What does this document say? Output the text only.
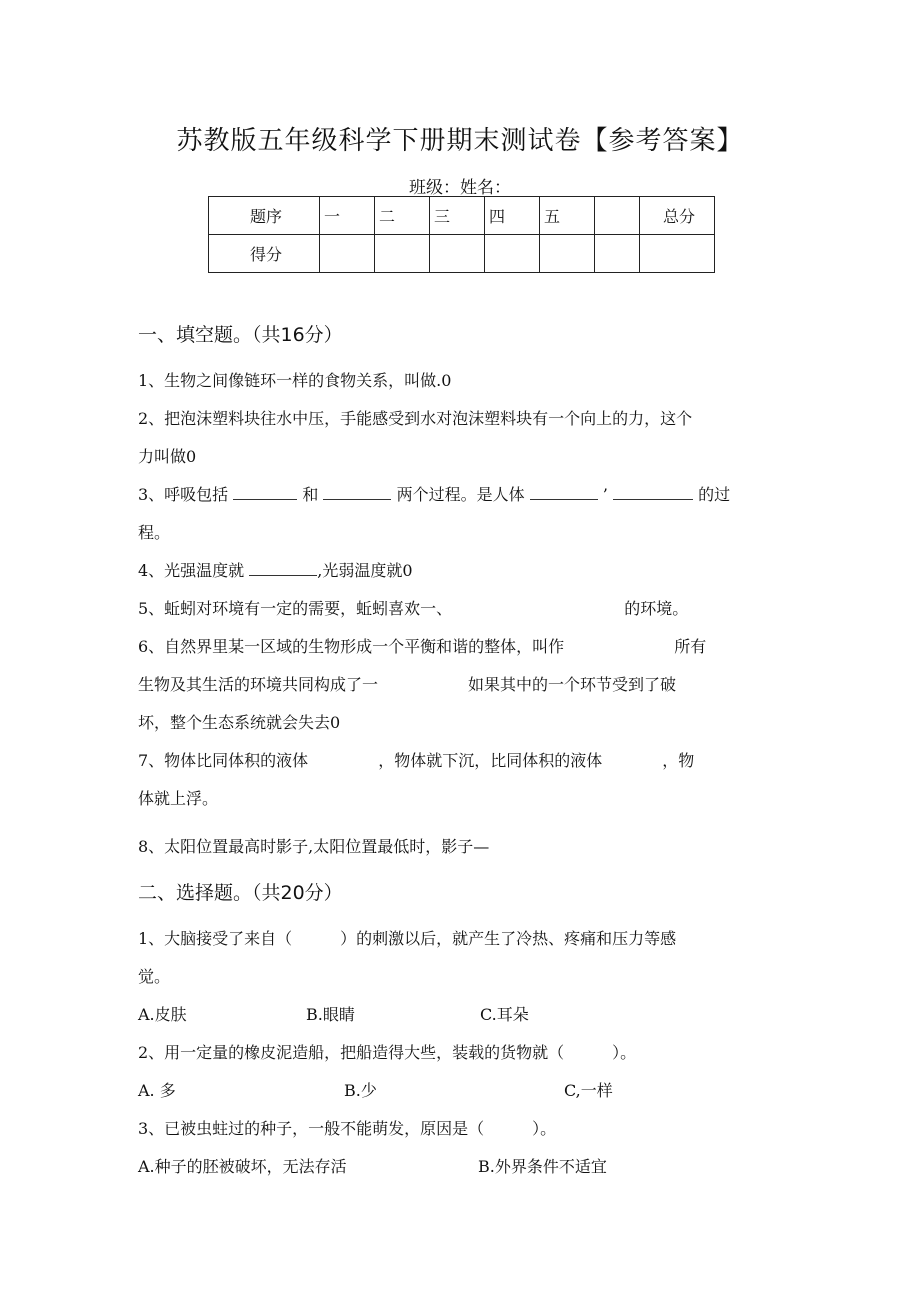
苏教版五年级科学下册期末测试卷【参考答案】
班级：姓名：
题序	一	二	三	四	五		总分
得分							
一、填空题。（共16分）
1、生物之间像链环一样的食物关系，叫做.0
2、把泡沫塑料块往水中压，手能感受到水对泡沫塑料块有一个向上的力，这个
力叫做0
3、呼吸包括	和	两个过程。是人体	’	的过
程。
4、光强温度就	,光弱温度就0
5、蚯蚓对环境有一定的需要，蚯蚓喜欢一、	的环境。
6、自然界里某一区域的生物形成一个平衡和谐的整体，叫作	所有
生物及其生活的环境共同构成了一	如果其中的一个环节受到了破
坏，整个生态系统就会失去0
7、物体比同体积的液体	，物体就下沉，比同体积的液体	，物
体就上浮。
8、太阳位置最高时影子,太阳位置最低时，影子—
二、选择题。（共20分）
1、大脑接受了来自（　　　）的刺激以后，就产生了冷热、疼痛和压力等感
觉。
A.皮肤	B.眼睛	C.耳朵
2、用一定量的橡皮泥造船，把船造得大些，装载的货物就（　　　）。
A. 多	B.少	C,一样
3、已被虫蛀过的种子，一般不能萌发，原因是（　　　）。
A.种子的胚被破坏，无法存活	B.外界条件不适宜
